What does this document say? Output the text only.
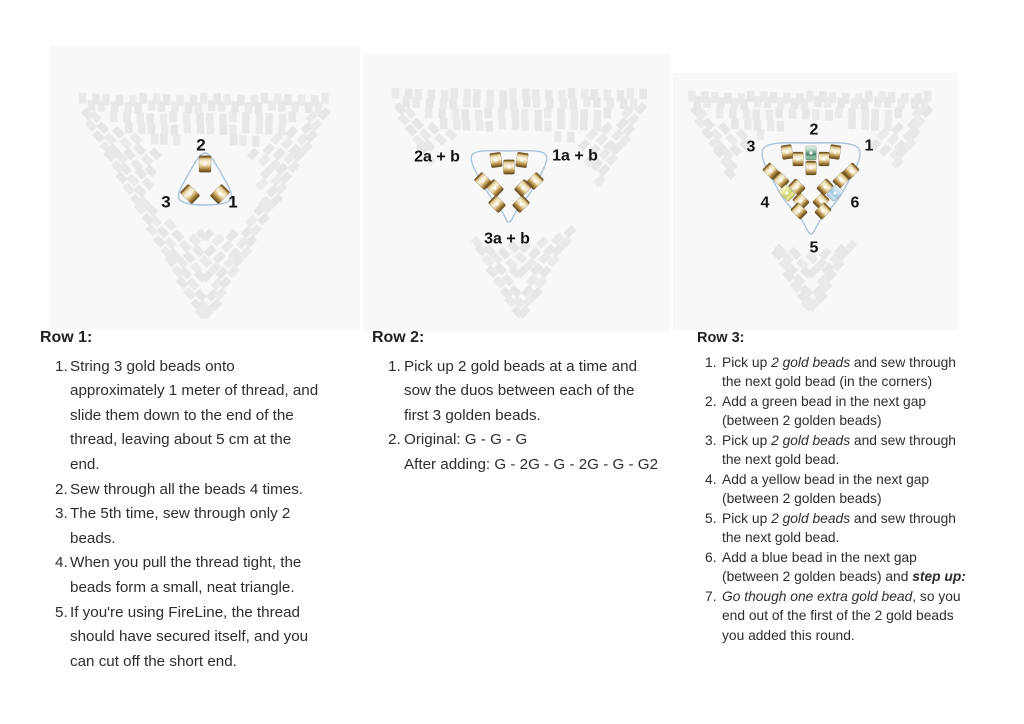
2
3	1
2a + b	1a + b
3a + b
2
3	1
4	6
5
Row 1:
String 3 gold beads onto
approximately 1 meter of thread, and
slide them down to the end of the
thread, leaving about 5 cm at the
end.
Sew through all the beads 4 times.
The 5th time, sew through only 2
beads.
When you pull the thread tight, the
beads form a small, neat triangle.
If you're using FireLine, the thread
should have secured itself, and you
can cut off the short end.
Row 2:
Pick up 2 gold beads at a time and
sow the duos between each of the
first 3 golden beads.
Original: G - G - G
After adding: G - 2G - G - 2G - G - G2
Row 3:
Pick up 2 gold beads and sew through
the next gold bead (in the corners)
Add a green bead in the next gap
(between 2 golden beads)
Pick up 2 gold beads and sew through
the next gold bead.
Add a yellow bead in the next gap
(between 2 golden beads)
Pick up 2 gold beads and sew through
the next gold bead.
Add a blue bead in the next gap
(between 2 golden beads) and step up:
Go though one extra gold bead, so you
end out of the first of the 2 gold beads
you added this round.
